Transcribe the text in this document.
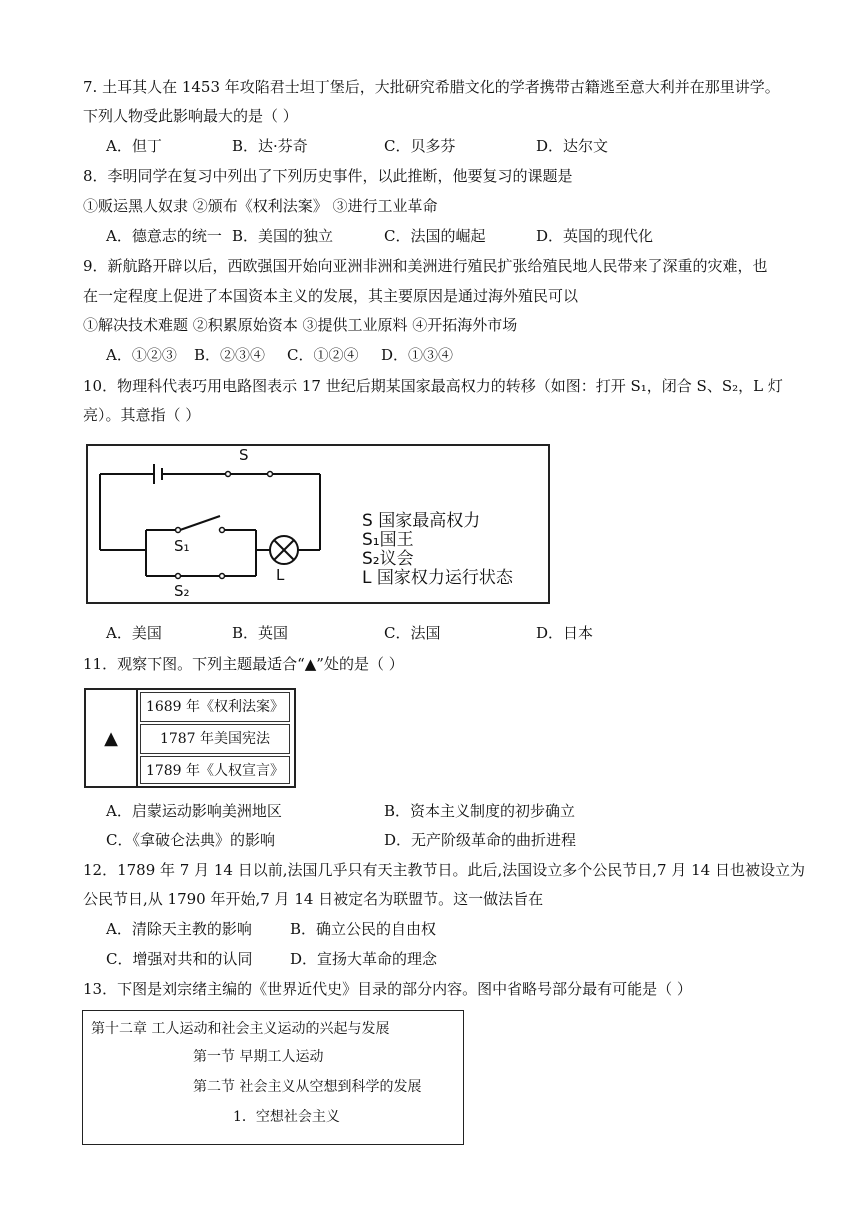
7. 土耳其人在 1453 年攻陷君士坦丁堡后，大批研究希腊文化的学者携带古籍逃至意大利并在那里讲学。
下列人物受此影响最大的是（ ）
A．但丁	B．达·芬奇	C．贝多芬	D．达尔文
8．李明同学在复习中列出了下列历史事件，以此推断，他要复习的课题是
①贩运黑人奴隶 ②颁布《权利法案》 ③进行工业革命
A．德意志的统一 B．美国的独立	C．法国的崛起	D．英国的现代化
9．新航路开辟以后，西欧强国开始向亚洲非洲和美洲进行殖民扩张给殖民地人民带来了深重的灾难，也
在一定程度上促进了本国资本主义的发展，其主要原因是通过海外殖民可以
①解决技术难题 ②积累原始资本 ③提供工业原料 ④开拓海外市场
A．①②③ B．②③④ C．①②④ D．①③④
10．物理科代表巧用电路图表示 17 世纪后期某国家最高权力的转移（如图：打开 S₁，闭合 S、S₂，L 灯
亮）。其意指（ ）
S
S₁
S₂
L
S 国家最高权力
S₁国王
S₂议会
L 国家权力运行状态
A．美国	B．英国	C．法国	D．日本
11．观察下图。下列主题最适合“▲”处的是（ ）
▲
1689 年《权利法案》
1787 年美国宪法
1789 年《人权宣言》
A．启蒙运动影响美洲地区	B．资本主义制度的初步确立
C．《拿破仑法典》的影响	D．无产阶级革命的曲折进程
12．1789 年 7 月 14 日以前,法国几乎只有天主教节日。此后,法国设立多个公民节日,7 月 14 日也被设立为
公民节日,从 1790 年开始,7 月 14 日被定名为联盟节。这一做法旨在
A．清除天主教的影响	B．确立公民的自由权
C．增强对共和的认同	D．宣扬大革命的理念
13．下图是刘宗绪主编的《世界近代史》目录的部分内容。图中省略号部分最有可能是（ ）
第十二章 工人运动和社会主义运动的兴起与发展
第一节 早期工人运动
第二节 社会主义从空想到科学的发展
1．空想社会主义
